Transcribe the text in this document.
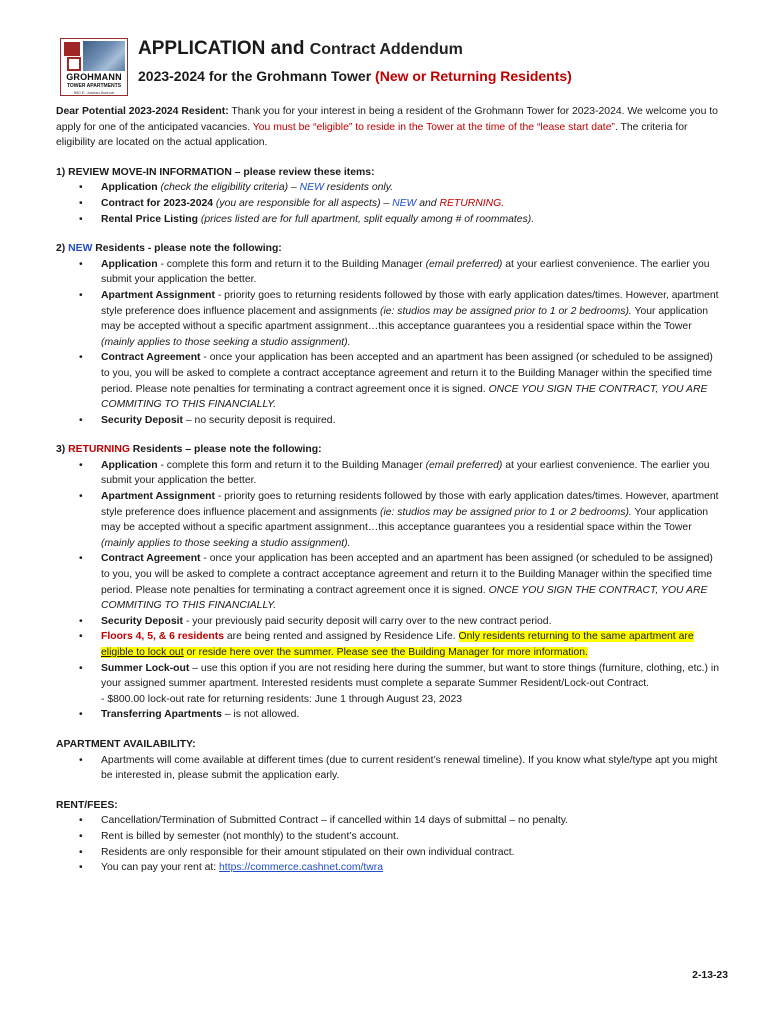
GROHMANN
TOWER APARTMENTS
550 E. Juneau Avenue
APPLICATION and Contract Addendum
2023-2024 for the Grohmann Tower (New or Returning Residents)
Dear Potential 2023-2024 Resident: Thank you for your interest in being a resident of the Grohmann Tower for 2023-2024. We welcome you to apply for one of the anticipated vacancies. You must be “eligible” to reside in the Tower at the time of the “lease start date”. The criteria for eligibility are located on the actual application.
1) REVIEW MOVE-IN INFORMATION – please review these items:
• Application (check the eligibility criteria) – NEW residents only.
• Contract for 2023-2024 (you are responsible for all aspects) – NEW and RETURNING.
• Rental Price Listing (prices listed are for full apartment, split equally among # of roommates).
2) NEW Residents - please note the following:
• Application - complete this form and return it to the Building Manager (email preferred) at your earliest convenience. The earlier you submit your application the better.
• Apartment Assignment - priority goes to returning residents followed by those with early application dates/times. However, apartment style preference does influence placement and assignments (ie: studios may be assigned prior to 1 or 2 bedrooms). Your application may be accepted without a specific apartment assignment…this acceptance guarantees you a residential space within the Tower (mainly applies to those seeking a studio assignment).
• Contract Agreement - once your application has been accepted and an apartment has been assigned (or scheduled to be assigned) to you, you will be asked to complete a contract acceptance agreement and return it to the Building Manager within the specified time period. Please note penalties for terminating a contract agreement once it is signed. ONCE YOU SIGN THE CONTRACT, YOU ARE COMMITING TO THIS FINANCIALLY.
• Security Deposit – no security deposit is required.
3) RETURNING Residents – please note the following:
• Application - complete this form and return it to the Building Manager (email preferred) at your earliest convenience. The earlier you submit your application the better.
• Apartment Assignment - priority goes to returning residents followed by those with early application dates/times. However, apartment style preference does influence placement and assignments (ie: studios may be assigned prior to 1 or 2 bedrooms). Your application may be accepted without a specific apartment assignment…this acceptance guarantees you a residential space within the Tower (mainly applies to those seeking a studio assignment).
• Contract Agreement - once your application has been accepted and an apartment has been assigned (or scheduled to be assigned) to you, you will be asked to complete a contract acceptance agreement and return it to the Building Manager within the specified time period. Please note penalties for terminating a contract agreement once it is signed. ONCE YOU SIGN THE CONTRACT, YOU ARE COMMITING TO THIS FINANCIALLY.
• Security Deposit - your previously paid security deposit will carry over to the new contract period.
• Floors 4, 5, & 6 residents are being rented and assigned by Residence Life. Only residents returning to the same apartment are eligible to lock out or reside here over the summer. Please see the Building Manager for more information.
• Summer Lock-out – use this option if you are not residing here during the summer, but want to store things (furniture, clothing, etc.) in your assigned summer apartment. Interested residents must complete a separate Summer Resident/Lock-out Contract.
- $800.00 lock-out rate for returning residents: June 1 through August 23, 2023
• Transferring Apartments – is not allowed.
APARTMENT AVAILABILITY:
• Apartments will come available at different times (due to current resident’s renewal timeline). If you know what style/type apt you might be interested in, please submit the application early.
RENT/FEES:
• Cancellation/Termination of Submitted Contract – if cancelled within 14 days of submittal – no penalty.
• Rent is billed by semester (not monthly) to the student’s account.
• Residents are only responsible for their amount stipulated on their own individual contract.
• You can pay your rent at: https://commerce.cashnet.com/twra
2-13-23
